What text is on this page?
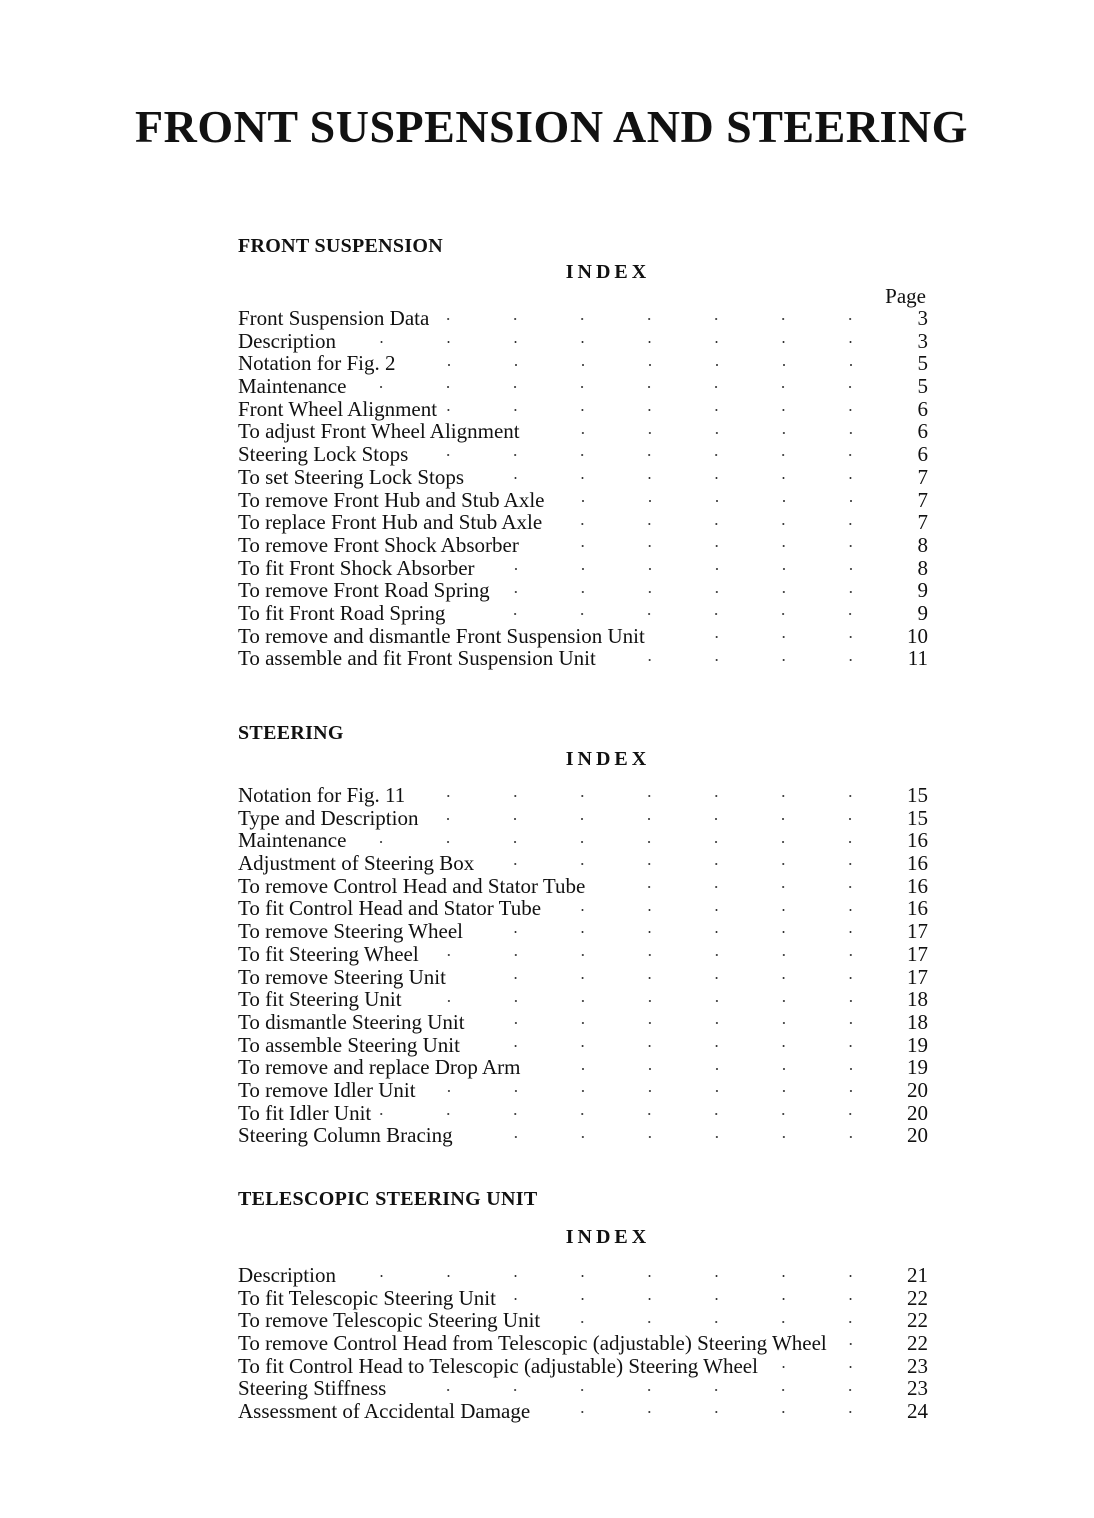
FRONT SUSPENSION AND STEERING
FRONT SUSPENSION
INDEX
Page
Front Suspension Data	3
Description	3
Notation for Fig. 2	5
Maintenance	5
Front Wheel Alignment	6
To adjust Front Wheel Alignment	6
Steering Lock Stops	6
To set Steering Lock Stops	7
To remove Front Hub and Stub Axle	7
To replace Front Hub and Stub Axle	7
To remove Front Shock Absorber	8
To fit Front Shock Absorber	8
To remove Front Road Spring	9
To fit Front Road Spring	9
To remove and dismantle Front Suspension Unit	10
To assemble and fit Front Suspension Unit	11
STEERING
INDEX
Notation for Fig. 11	15
Type and Description	15
Maintenance	16
Adjustment of Steering Box	16
To remove Control Head and Stator Tube	16
To fit Control Head and Stator Tube	16
To remove Steering Wheel	17
To fit Steering Wheel	17
To remove Steering Unit	17
To fit Steering Unit	18
To dismantle Steering Unit	18
To assemble Steering Unit	19
To remove and replace Drop Arm	19
To remove Idler Unit	20
To fit Idler Unit	20
Steering Column Bracing	20
TELESCOPIC STEERING UNIT
INDEX
Description	21
To fit Telescopic Steering Unit	22
To remove Telescopic Steering Unit	22
To remove Control Head from Telescopic (adjustable) Steering Wheel	22
To fit Control Head to Telescopic (adjustable) Steering Wheel	23
Steering Stiffness	23
Assessment of Accidental Damage	24
